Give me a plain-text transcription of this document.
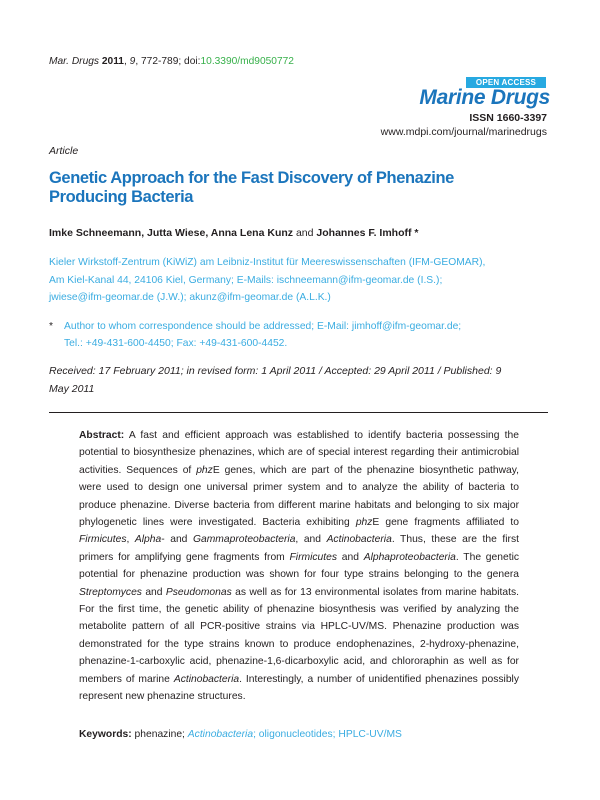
Mar. Drugs 2011, 9, 772-789; doi:10.3390/md9050772
OPEN ACCESS
Marine Drugs
ISSN 1660-3397
www.mdpi.com/journal/marinedrugs
Article
Genetic Approach for the Fast Discovery of Phenazine Producing Bacteria
Imke Schneemann, Jutta Wiese, Anna Lena Kunz and Johannes F. Imhoff *
Kieler Wirkstoff-Zentrum (KiWiZ) am Leibniz-Institut für Meereswissenschaften (IFM-GEOMAR),
Am Kiel-Kanal 44, 24106 Kiel, Germany; E-Mails: ischneemann@ifm-geomar.de (I.S.);
jwiese@ifm-geomar.de (J.W.); akunz@ifm-geomar.de (A.L.K.)
*	Author to whom correspondence should be addressed; E-Mail: jimhoff@ifm-geomar.de;
Tel.: +49-431-600-4450; Fax: +49-431-600-4452.
Received: 17 February 2011; in revised form: 1 April 2011 / Accepted: 29 April 2011 / Published: 9 May 2011
Abstract: A fast and efficient approach was established to identify bacteria possessing the potential to biosynthesize phenazines, which are of special interest regarding their antimicrobial activities. Sequences of phzE genes, which are part of the phenazine biosynthetic pathway, were used to design one universal primer system and to analyze the ability of bacteria to produce phenazine. Diverse bacteria from different marine habitats and belonging to six major phylogenetic lines were investigated. Bacteria exhibiting phzE gene fragments affiliated to Firmicutes, Alpha- and Gammaproteobacteria, and Actinobacteria. Thus, these are the first primers for amplifying gene fragments from Firmicutes and Alphaproteobacteria. The genetic potential for phenazine production was shown for four type strains belonging to the genera Streptomyces and Pseudomonas as well as for 13 environmental isolates from marine habitats. For the first time, the genetic ability of phenazine biosynthesis was verified by analyzing the metabolite pattern of all PCR-positive strains via HPLC-UV/MS. Phenazine production was demonstrated for the type strains known to produce endophenazines, 2-hydroxy-phenazine, phenazine-1-carboxylic acid, phenazine-1,6-dicarboxylic acid, and chlororaphin as well as for members of marine Actinobacteria. Interestingly, a number of unidentified phenazines possibly represent new phenazine structures.
Keywords: phenazine; Actinobacteria; oligonucleotides; HPLC-UV/MS
